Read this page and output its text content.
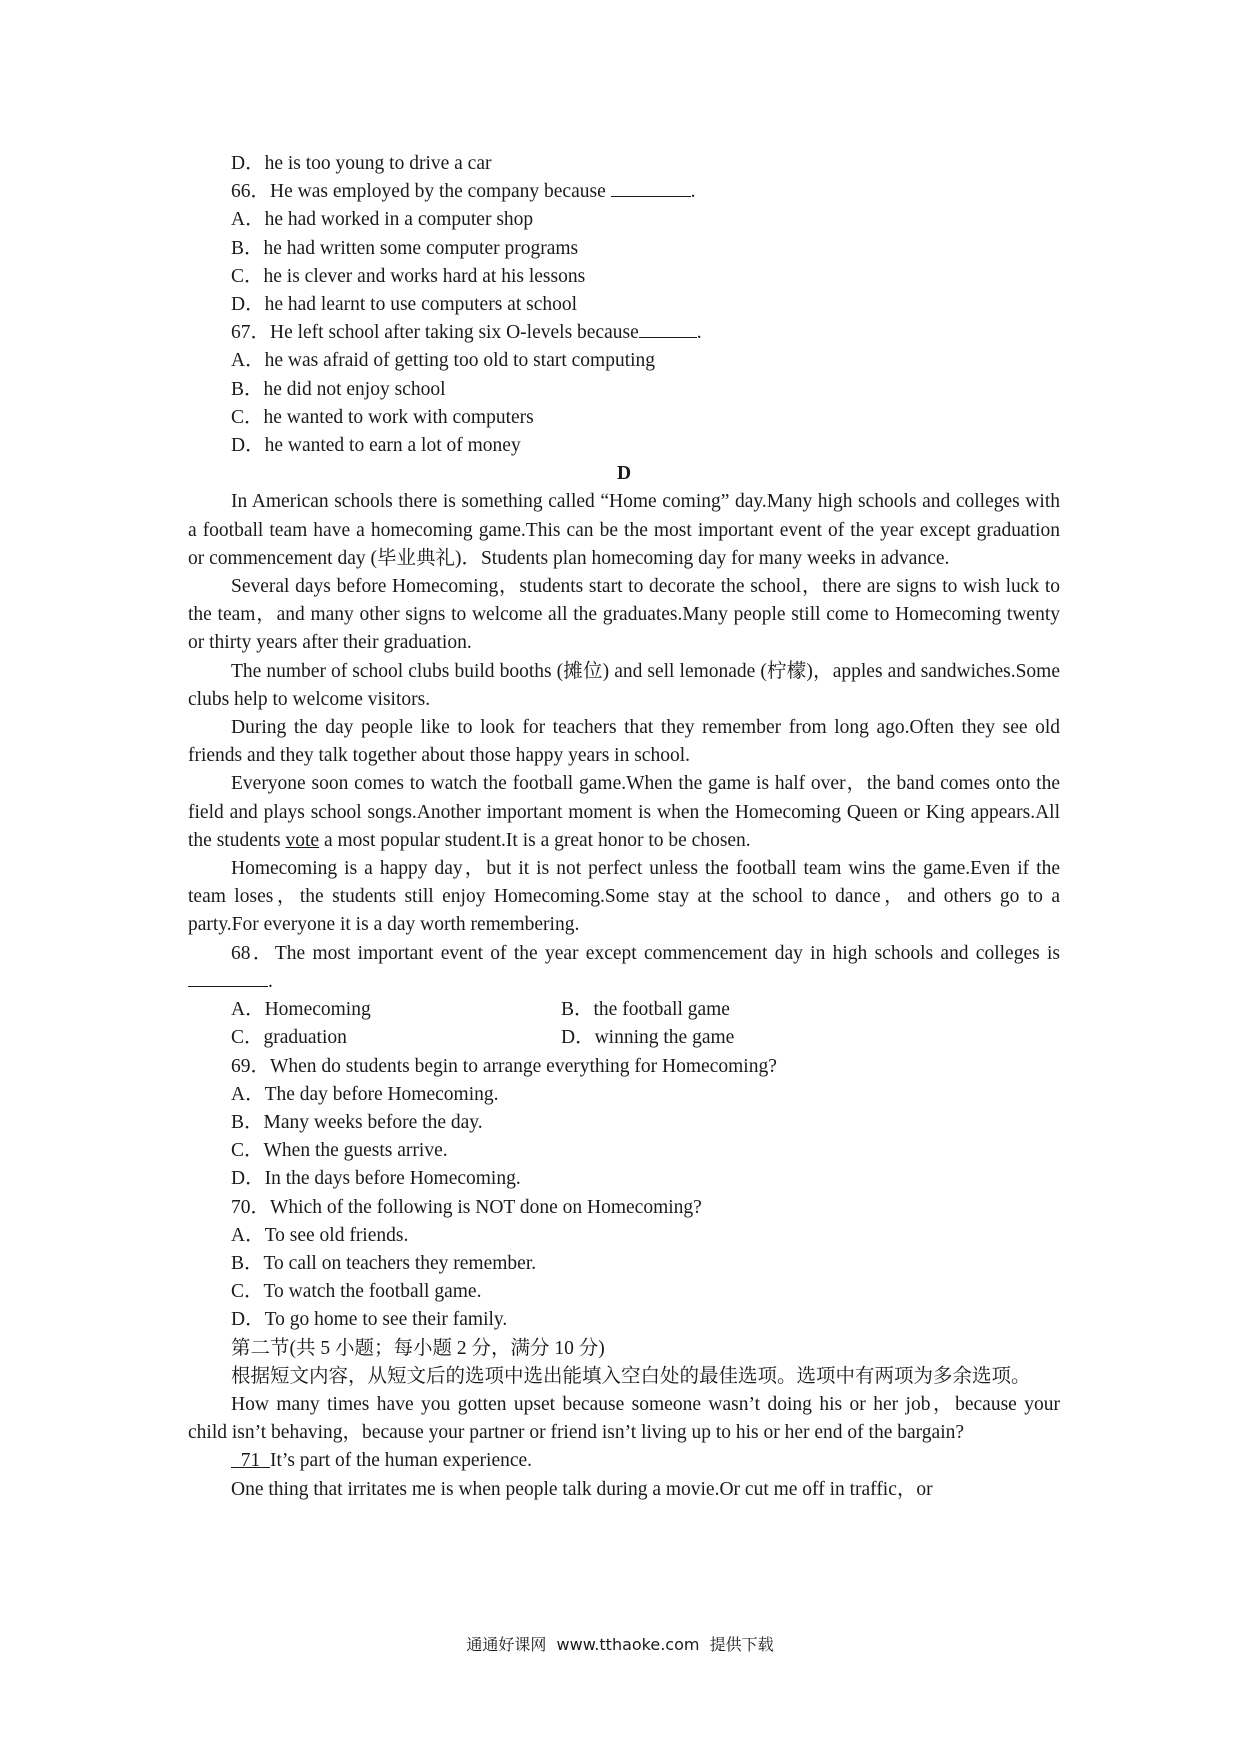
D．he is too young to drive a car
66．He was employed by the company because	.
A．he had worked in a computer shop
B．he had written some computer programs
C．he is clever and works hard at his lessons
D．he had learnt to use computers at school
67．He left school after taking six O-levels because	.
A．he was afraid of getting too old to start computing
B．he did not enjoy school
C．he wanted to work with computers
D．he wanted to earn a lot of money
D
In American schools there is something called “Home coming” day.Many high schools and colleges with a football team have a homecoming game.This can be the most important event of the year except graduation or commencement day (毕业典礼)．Students plan homecoming day for many weeks in advance.
Several days before Homecoming，students start to decorate the school，there are signs to wish luck to the team，and many other signs to welcome all the graduates.Many people still come to Homecoming twenty or thirty years after their graduation.
The number of school clubs build booths (摊位) and sell lemonade (柠檬)，apples and sandwiches.Some clubs help to welcome visitors.
During the day people like to look for teachers that they remember from long ago.Often they see old friends and they talk together about those happy years in school.
Everyone soon comes to watch the football game.When the game is half over，the band comes onto the field and plays school songs.Another important moment is when the Homecoming Queen or King appears.All the students vote a most popular student.It is a great honor to be chosen.
Homecoming is a happy day，but it is not perfect unless the football team wins the game.Even if the team loses，the students still enjoy Homecoming.Some stay at the school to dance，and others go to a party.For everyone it is a day worth remembering.
68．The most important event of the year except commencement day in high schools and colleges is .
A．Homecoming	B．the football game
C．graduation	D．winning the game
69．When do students begin to arrange everything for Homecoming?
A．The day before Homecoming.
B．Many weeks before the day.
C．When the guests arrive.
D．In the days before Homecoming.
70．Which of the following is NOT done on Homecoming?
A．To see old friends.
B．To call on teachers they remember.
C．To watch the football game.
D．To go home to see their family.
第二节(共 5 小题；每小题 2 分，满分 10 分)
根据短文内容，从短文后的选项中选出能填入空白处的最佳选项。选项中有两项为多余选项。
How many times have you gotten upset because someone wasn’t doing his or her job，because your child isn’t behaving，because your partner or friend isn’t living up to his or her end of the bargain?
71  It’s part of the human experience.
One thing that irritates me is when people talk during a movie.Or cut me off in traffic，or
通通好课网  www.tthaoke.com  提供下载
